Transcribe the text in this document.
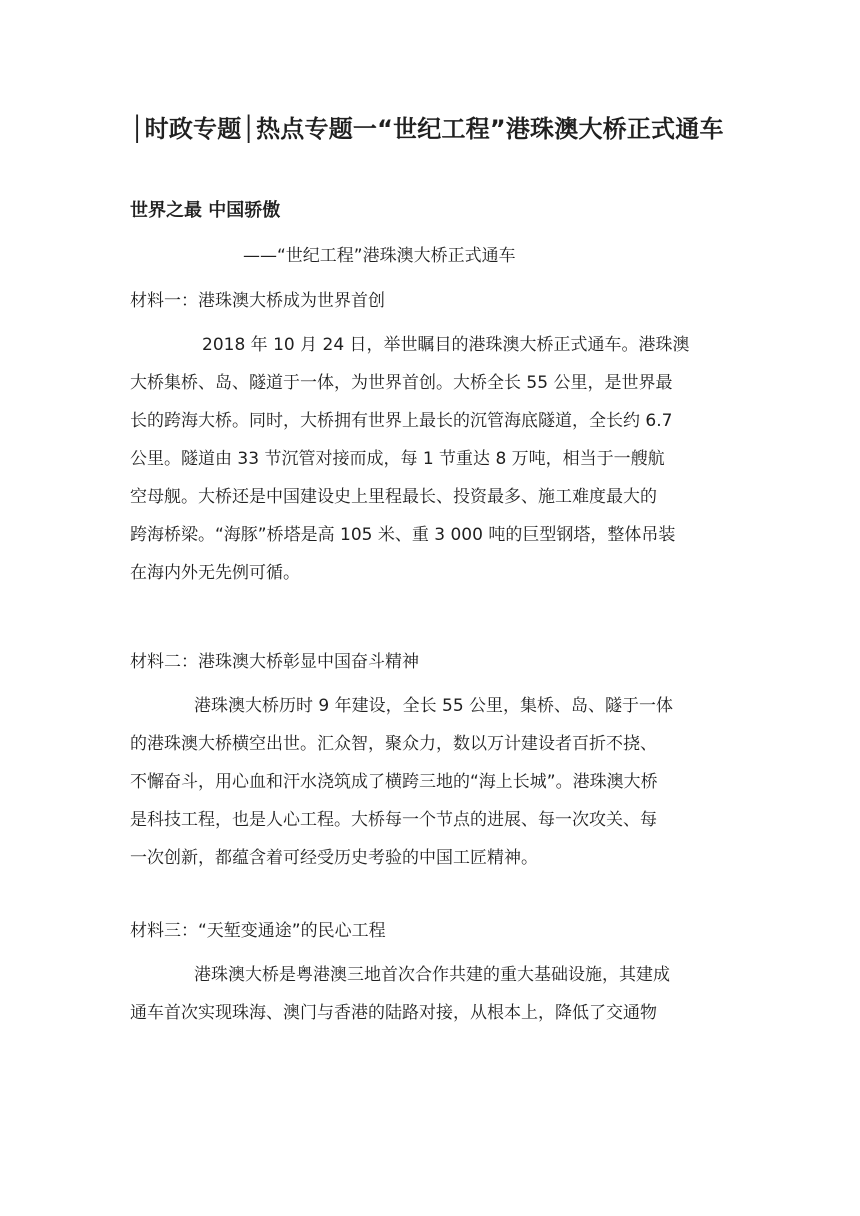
│时政专题│热点专题一“世纪工程”港珠澳大桥正式通车
世界之最 中国骄傲
——“世纪工程”港珠澳大桥正式通车
材料一：港珠澳大桥成为世界首创
2018 年 10 月 24 日，举世瞩目的港珠澳大桥正式通车。港珠澳
大桥集桥、岛、隧道于一体，为世界首创。大桥全长 55 公里，是世界最
长的跨海大桥。同时，大桥拥有世界上最长的沉管海底隧道，全长约 6.7
公里。隧道由 33 节沉管对接而成，每 1 节重达 8 万吨，相当于一艘航
空母舰。大桥还是中国建设史上里程最长、投资最多、施工难度最大的
跨海桥梁。“海豚”桥塔是高 105 米、重 3 000 吨的巨型钢塔，整体吊装
在海内外无先例可循。
材料二：港珠澳大桥彰显中国奋斗精神
港珠澳大桥历时 9 年建设，全长 55 公里，集桥、岛、隧于一体
的港珠澳大桥横空出世。汇众智，聚众力，数以万计建设者百折不挠、
不懈奋斗，用心血和汗水浇筑成了横跨三地的“海上长城”。港珠澳大桥
是科技工程，也是人心工程。大桥每一个节点的进展、每一次攻关、每
一次创新，都蕴含着可经受历史考验的中国工匠精神。
材料三：“天堑变通途”的民心工程
港珠澳大桥是粤港澳三地首次合作共建的重大基础设施，其建成
通车首次实现珠海、澳门与香港的陆路对接，从根本上，降低了交通物
